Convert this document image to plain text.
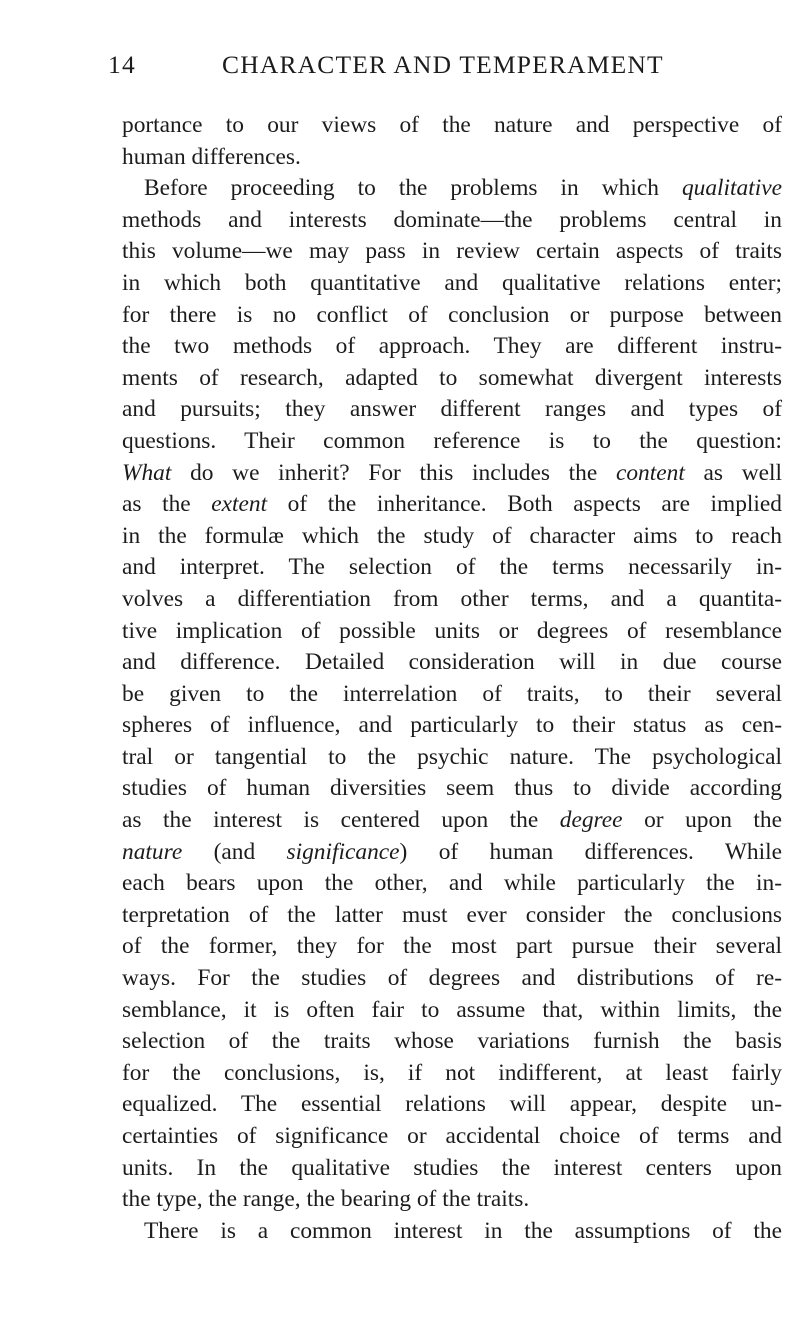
14	CHARACTER AND TEMPERAMENT
portance to our views of the nature and perspective of
human differences.
Before proceeding to the problems in which qualitative
methods and interests dominate—the problems central in
this volume—we may pass in review certain aspects of traits
in which both quantitative and qualitative relations enter;
for there is no conflict of conclusion or purpose between
the two methods of approach. They are different instru-
ments of research, adapted to somewhat divergent interests
and pursuits; they answer different ranges and types of
questions. Their common reference is to the question:
What do we inherit? For this includes the content as well
as the extent of the inheritance. Both aspects are implied
in the formulæ which the study of character aims to reach
and interpret. The selection of the terms necessarily in-
volves a differentiation from other terms, and a quantita-
tive implication of possible units or degrees of resemblance
and difference. Detailed consideration will in due course
be given to the interrelation of traits, to their several
spheres of influence, and particularly to their status as cen-
tral or tangential to the psychic nature. The psychological
studies of human diversities seem thus to divide according
as the interest is centered upon the degree or upon the
nature (and significance) of human differences. While
each bears upon the other, and while particularly the in-
terpretation of the latter must ever consider the conclusions
of the former, they for the most part pursue their several
ways. For the studies of degrees and distributions of re-
semblance, it is often fair to assume that, within limits, the
selection of the traits whose variations furnish the basis
for the conclusions, is, if not indifferent, at least fairly
equalized. The essential relations will appear, despite un-
certainties of significance or accidental choice of terms and
units. In the qualitative studies the interest centers upon
the type, the range, the bearing of the traits.
There is a common interest in the assumptions of the
